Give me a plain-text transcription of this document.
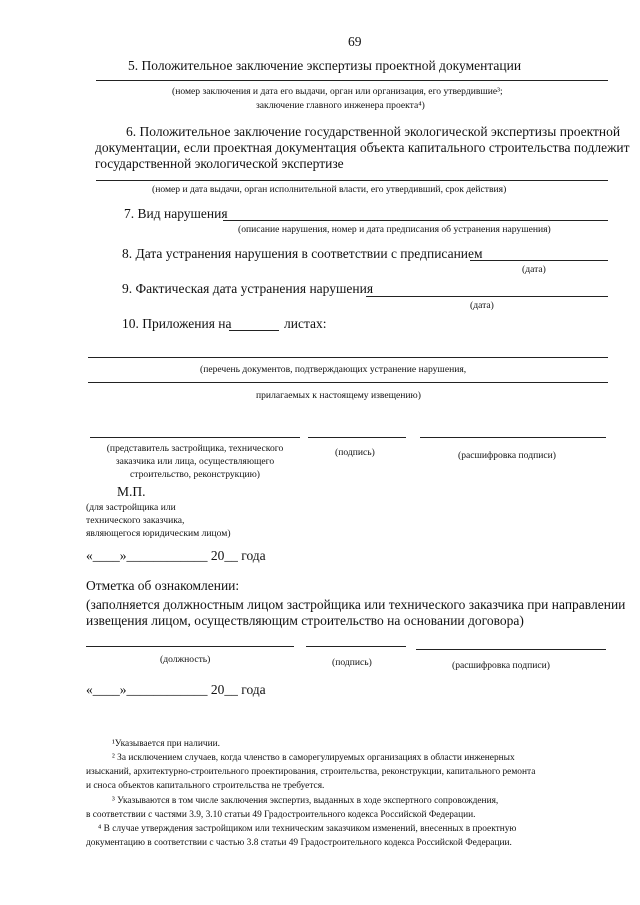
69
5. Положительное заключение экспертизы проектной документации
(номер заключения и дата его выдачи, орган или организация, его утвердившие³;
заключение главного инженера проекта⁴)
6. Положительное заключение государственной экологической экспертизы проектной
документации, если проектная документация объекта капитального строительства подлежит
государственной экологической экспертизе
(номер и дата выдачи, орган исполнительной власти, его утвердивший, срок действия)
7. Вид нарушения
(описание нарушения, номер и дата предписания об устранения нарушения)
8. Дата устранения нарушения в соответствии с предписанием
(дата)
9. Фактическая дата устранения нарушения
(дата)
10. Приложения на	листах:
(перечень документов, подтверждающих устранение нарушения,
прилагаемых к настоящему извещению)
(представитель застройщика, технического
заказчика или лица, осуществляющего
строительство, реконструкцию)
(подпись)	(расшифровка подписи)
М.П.
(для застройщика или
технического заказчика,
являющегося юридическим лицом)
«____»____________ 20__ года
Отметка об ознакомлении:
(заполняется должностным лицом застройщика или технического заказчика при направлении
извещения лицом, осуществляющим строительство на основании договора)
(должность)	(подпись)	(расшифровка подписи)
«____»____________ 20__ года
¹Указывается при наличии.
² За исключением случаев, когда членство в саморегулируемых организациях в области инженерных
изысканий, архитектурно-строительного проектирования, строительства, реконструкции, капитального ремонта
и сноса объектов капитального строительства не требуется.
³ Указываются в том числе заключения экспертиз, выданных в ходе экспертного сопровождения,
в соответствии с частями 3.9, 3.10 статьи 49 Градостроительного кодекса Российской Федерации.
⁴ В случае утверждения застройщиком или техническим заказчиком изменений, внесенных в проектную
документацию в соответствии с частью 3.8 статьи 49 Градостроительного кодекса Российской Федерации.
